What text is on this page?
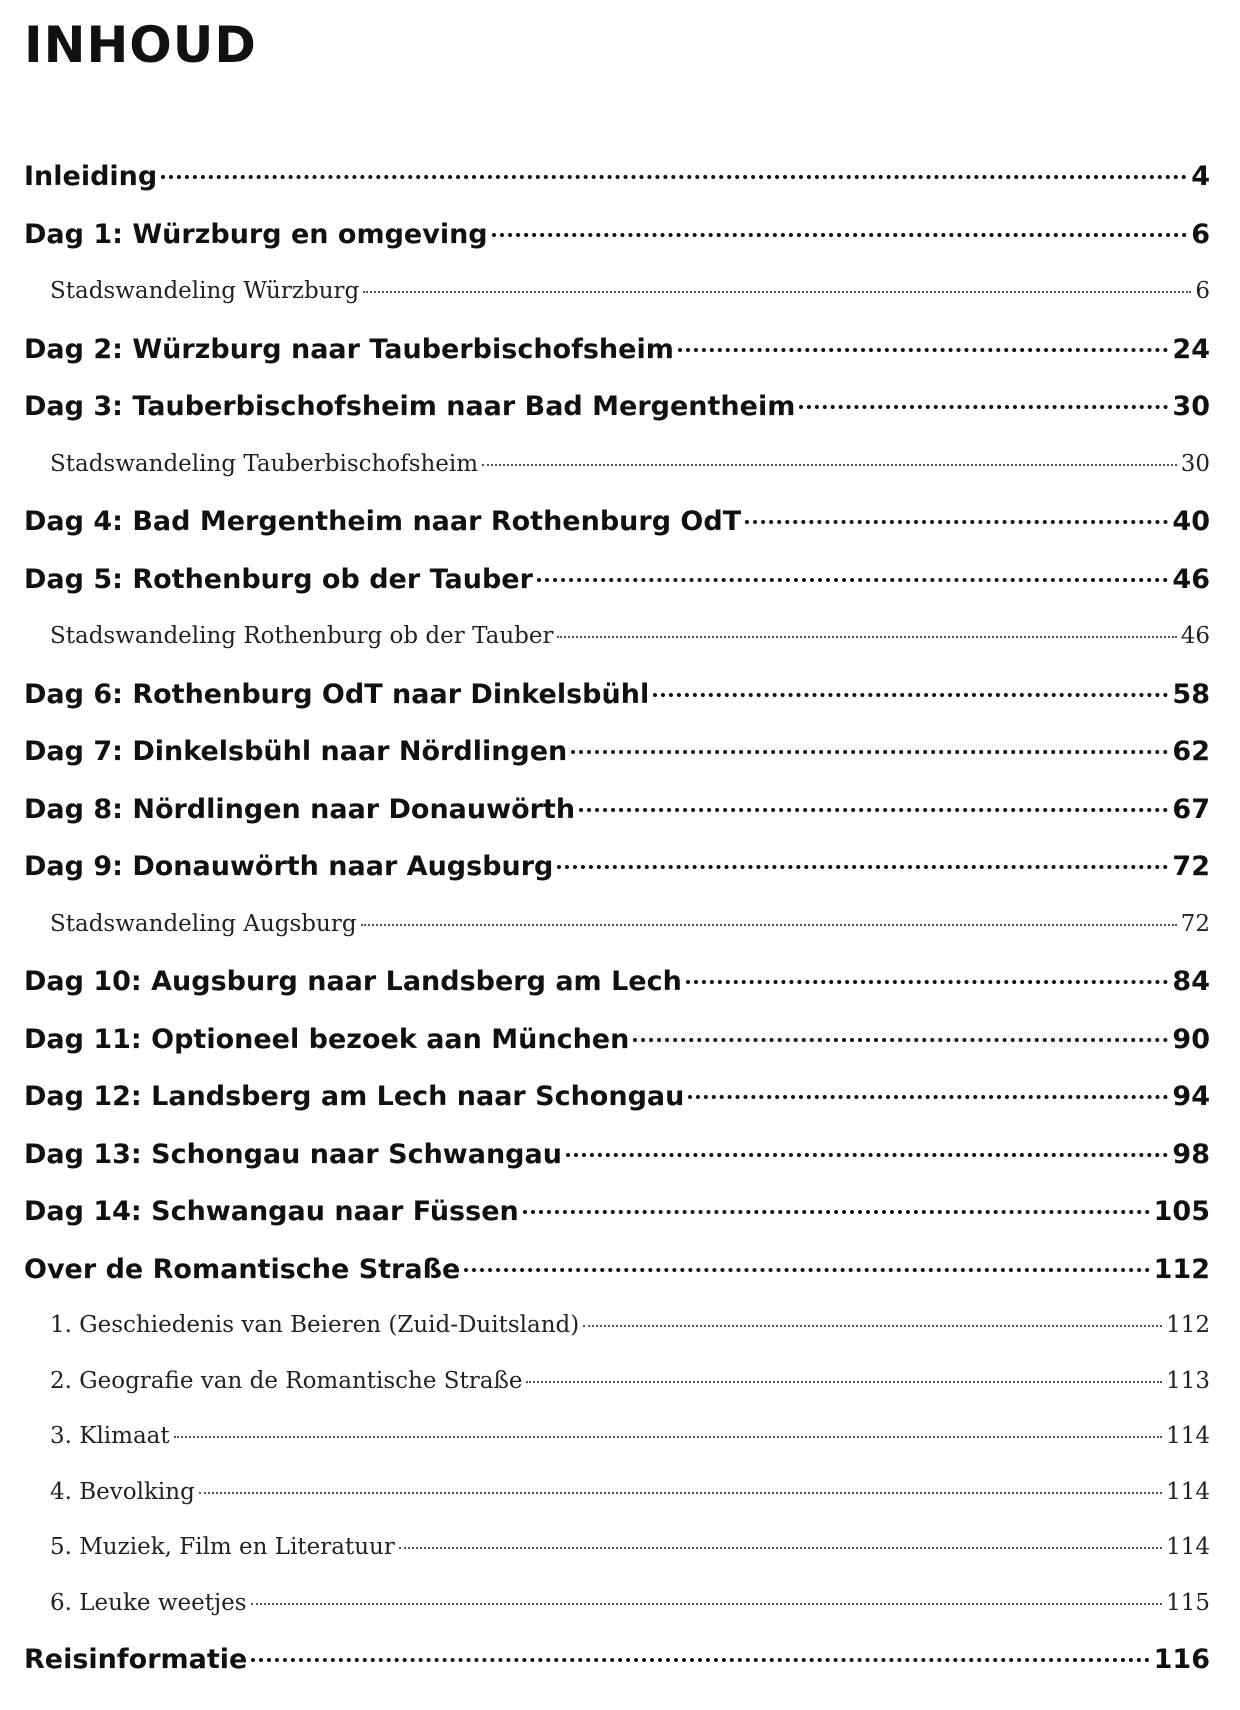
INHOUD
Inleiding	4
Dag 1: Würzburg en omgeving	6
Stadswandeling Würzburg	6
Dag 2: Würzburg naar Tauberbischofsheim	24
Dag 3: Tauberbischofsheim naar Bad Mergentheim	30
Stadswandeling Tauberbischofsheim	30
Dag 4: Bad Mergentheim naar Rothenburg OdT	40
Dag 5: Rothenburg ob der Tauber	46
Stadswandeling Rothenburg ob der Tauber	46
Dag 6: Rothenburg OdT naar Dinkelsbühl	58
Dag 7: Dinkelsbühl naar Nördlingen	62
Dag 8: Nördlingen naar Donauwörth	67
Dag 9: Donauwörth naar Augsburg	72
Stadswandeling Augsburg	72
Dag 10: Augsburg naar Landsberg am Lech	84
Dag 11: Optioneel bezoek aan München	90
Dag 12: Landsberg am Lech naar Schongau	94
Dag 13: Schongau naar Schwangau	98
Dag 14: Schwangau naar Füssen	105
Over de Romantische Straße	112
1. Geschiedenis van Beieren (Zuid-Duitsland)	112
2. Geografie van de Romantische Straße	113
3. Klimaat	114
4. Bevolking	114
5. Muziek, Film en Literatuur	114
6. Leuke weetjes	115
Reisinformatie	116
